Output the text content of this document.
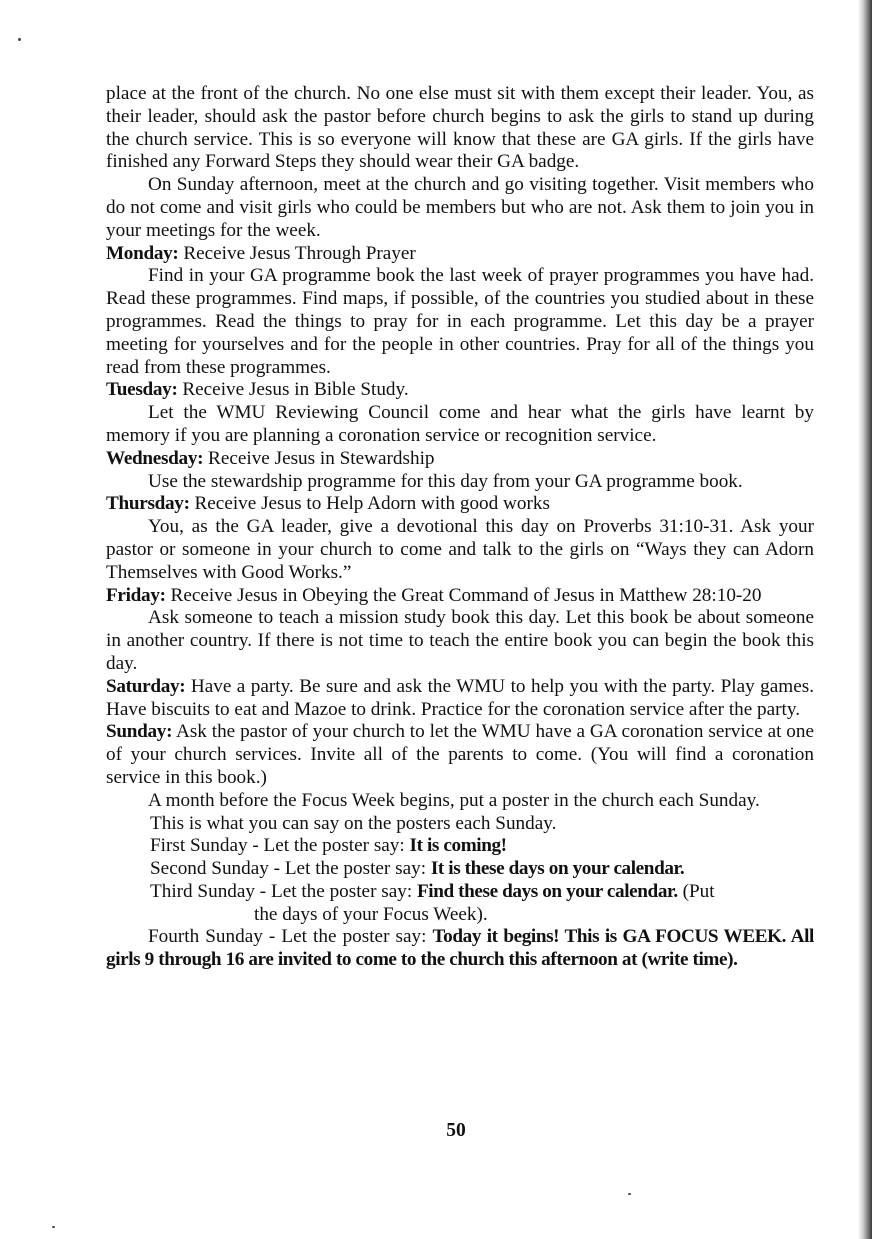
place at the front of the church. No one else must sit with them except their leader. You, as their leader, should ask the pastor before church begins to ask the girls to stand up during the church service. This is so everyone will know that these are GA girls. If the girls have finished any Forward Steps they should wear their GA badge.

On Sunday afternoon, meet at the church and go visiting together. Visit members who do not come and visit girls who could be members but who are not. Ask them to join you in your meetings for the week.

Monday: Receive Jesus Through Prayer

Find in your GA programme book the last week of prayer programmes you have had. Read these programmes. Find maps, if possible, of the countries you studied about in these programmes. Read the things to pray for in each programme. Let this day be a prayer meeting for yourselves and for the people in other countries. Pray for all of the things you read from these programmes.

Tuesday: Receive Jesus in Bible Study.

Let the WMU Reviewing Council come and hear what the girls have learnt by memory if you are planning a coronation service or recognition service.

Wednesday: Receive Jesus in Stewardship

Use the stewardship programme for this day from your GA programme book.

Thursday: Receive Jesus to Help Adorn with good works

You, as the GA leader, give a devotional this day on Proverbs 31:10-31. Ask your pastor or someone in your church to come and talk to the girls on “Ways they can Adorn Themselves with Good Works.”

Friday: Receive Jesus in Obeying the Great Command of Jesus in Matthew 28:10-20

Ask someone to teach a mission study book this day. Let this book be about someone in another country. If there is not time to teach the entire book you can begin the book this day.

Saturday: Have a party. Be sure and ask the WMU to help you with the party. Play games. Have biscuits to eat and Mazoe to drink. Practice for the coronation service after the party.

Sunday: Ask the pastor of your church to let the WMU have a GA coronation service at one of your church services. Invite all of the parents to come. (You will find a coronation service in this book.)

A month before the Focus Week begins, put a poster in the church each Sunday.

This is what you can say on the posters each Sunday.

First Sunday - Let the poster say: It is coming!

Second Sunday - Let the poster say: It is these days on your calendar.

Third Sunday - Let the poster say: Find these days on your calendar. (Put

the days of your Focus Week).

Fourth Sunday - Let the poster say: Today it begins! This is GA FOCUS WEEK. All girls 9 through 16 are invited to come to the church this afternoon at (write time).

50
